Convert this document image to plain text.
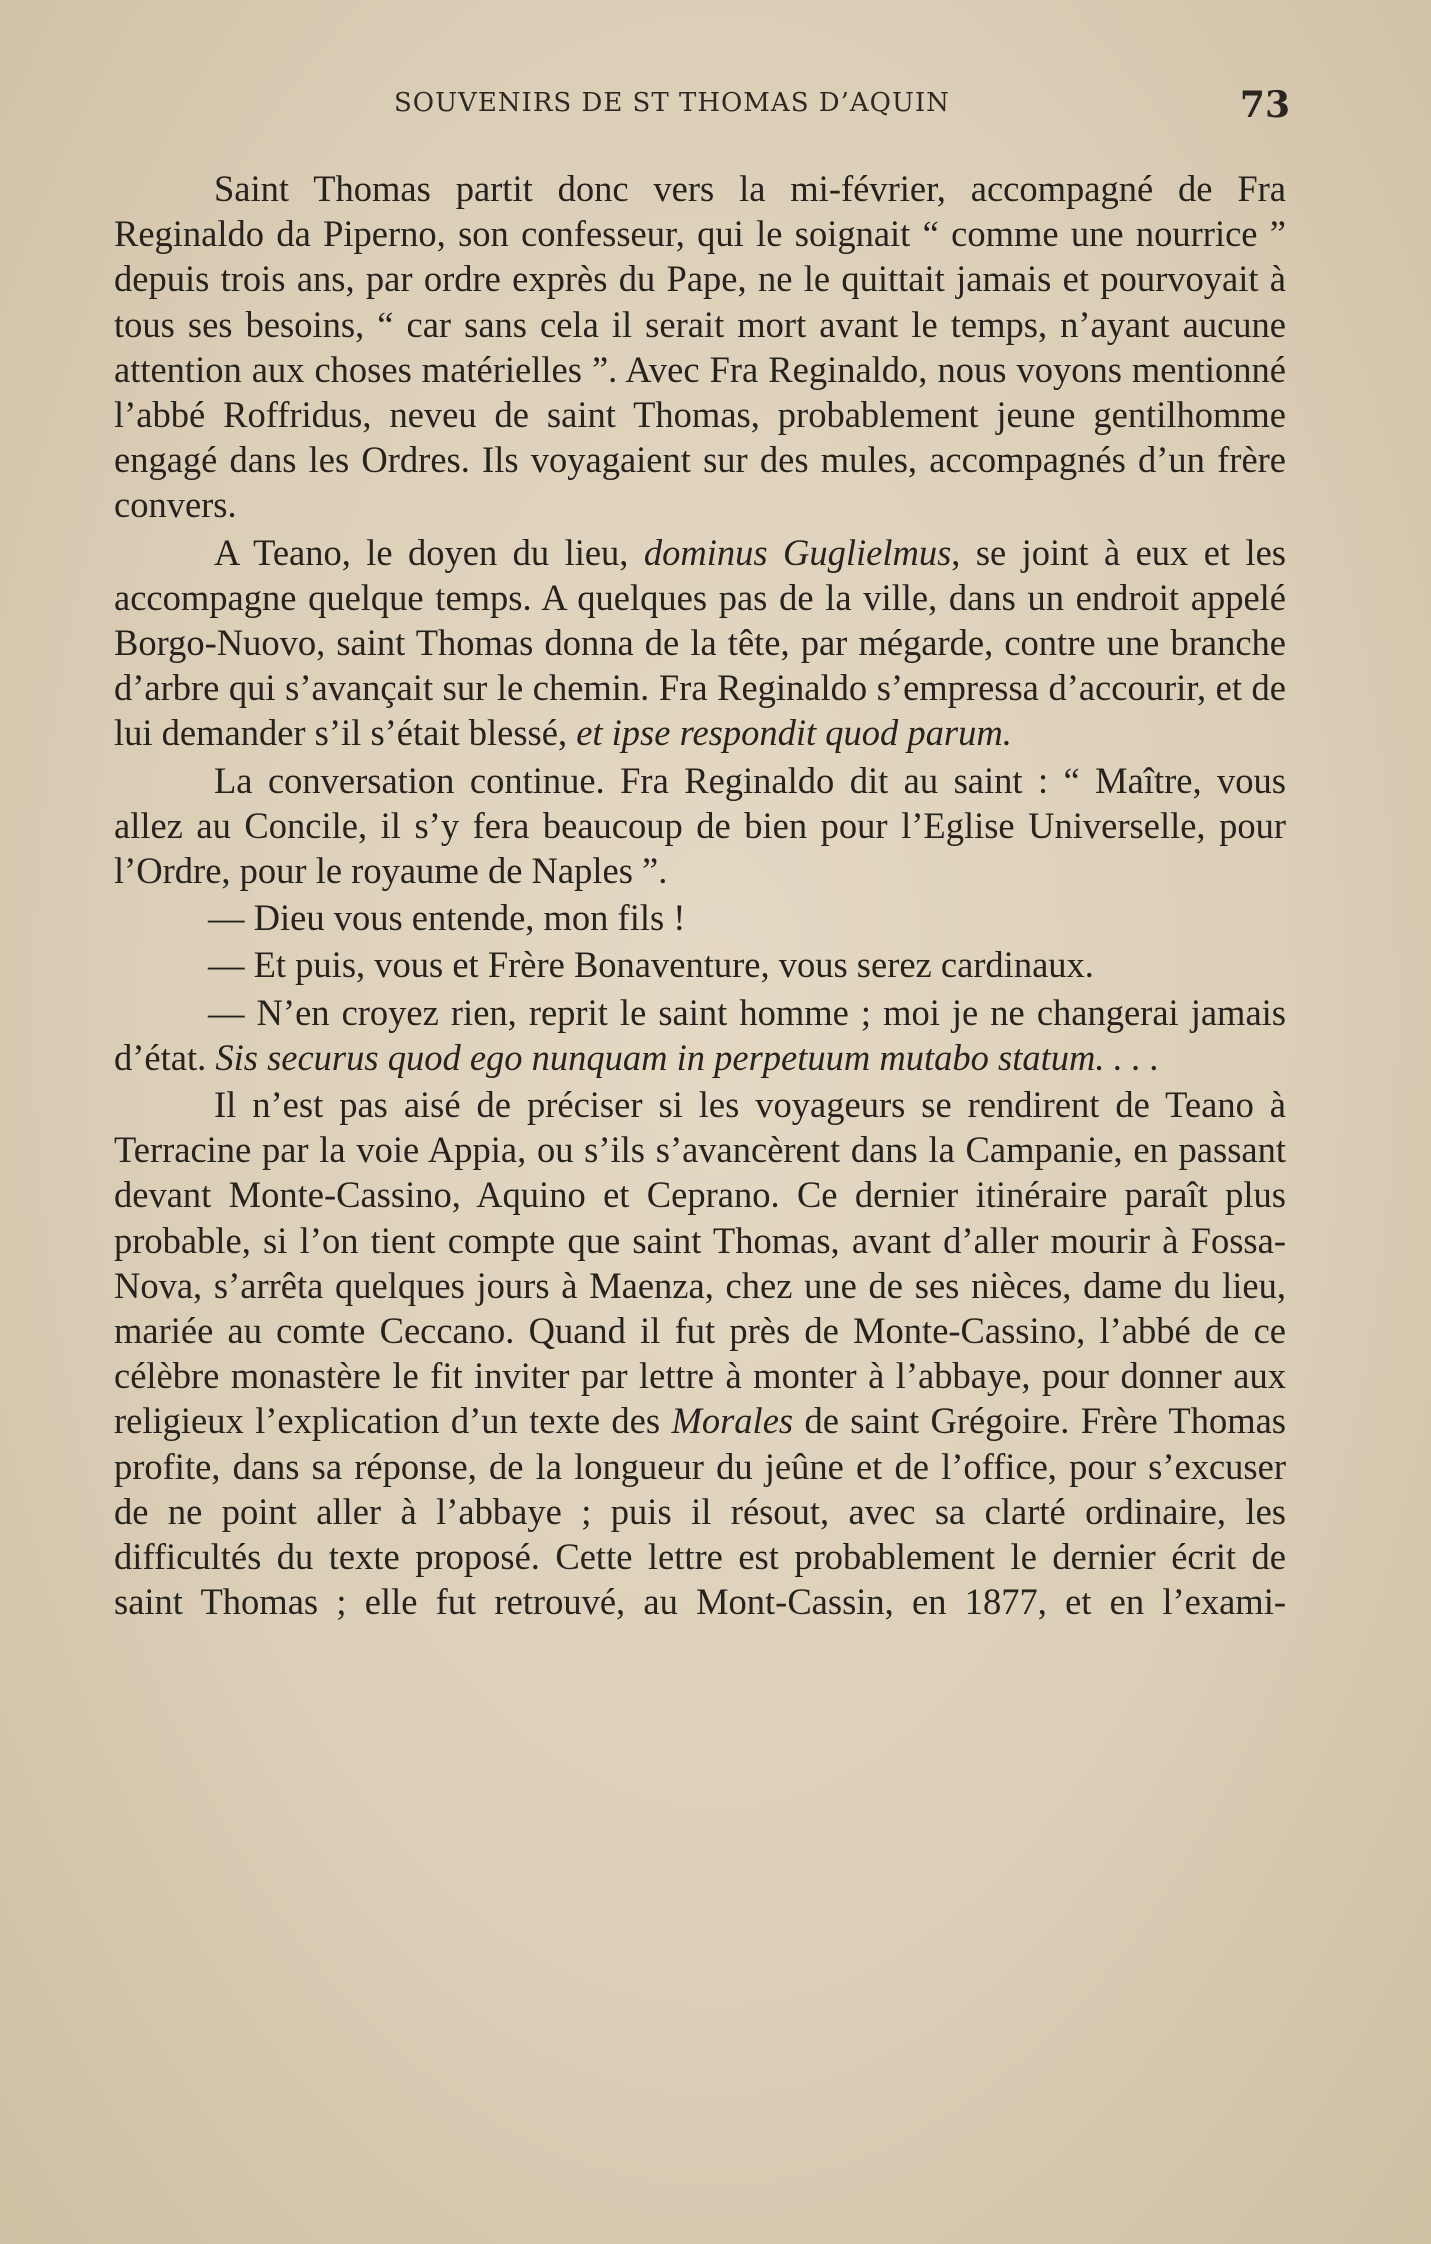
SOUVENIRS DE ST THOMAS D’AQUIN	73

Saint Thomas partit donc vers la mi-février, accompagné de Fra Reginaldo da Piperno, son confesseur, qui le soignait “ comme une nourrice ” depuis trois ans, par ordre exprès du Pape, ne le quittait jamais et pourvoyait à tous ses besoins, “ car sans cela il serait mort avant le temps, n’ayant aucune attention aux choses matérielles ”. Avec Fra Reginaldo, nous voyons mentionné l’abbé Roffridus, neveu de saint Thomas, probablement jeune gentilhomme engagé dans les Ordres. Ils voyagaient sur des mules, accompagnés d’un frère convers.

A Teano, le doyen du lieu, dominus Guglielmus, se joint à eux et les accompagne quelque temps. A quelques pas de la ville, dans un endroit appelé Borgo-Nuovo, saint Thomas donna de la tête, par mégarde, contre une branche d’arbre qui s’avançait sur le chemin. Fra Reginaldo s’empressa d’accourir, et de lui demander s’il s’était blessé, et ipse respondit quod parum.

La conversation continue. Fra Reginaldo dit au saint : “ Maître, vous allez au Concile, il s’y fera beaucoup de bien pour l’Eglise Universelle, pour l’Ordre, pour le royaume de Naples ”.

— Dieu vous entende, mon fils !

— Et puis, vous et Frère Bonaventure, vous serez cardinaux.

— N’en croyez rien, reprit le saint homme ; moi je ne changerai jamais d’état. Sis securus quod ego nunquam in perpetuum mutabo statum. . . .

Il n’est pas aisé de préciser si les voyageurs se rendirent de Teano à Terracine par la voie Appia, ou s’ils s’avancèrent dans la Campanie, en passant devant Monte-Cassino, Aquino et Ceprano. Ce dernier itinéraire paraît plus probable, si l’on tient compte que saint Thomas, avant d’aller mourir à Fossa-Nova, s’arrêta quelques jours à Maenza, chez une de ses nièces, dame du lieu, mariée au comte Ceccano. Quand il fut près de Monte-Cassino, l’abbé de ce célèbre monastère le fit inviter par lettre à monter à l’abbaye, pour donner aux religieux l’explication d’un texte des Morales de saint Grégoire. Frère Thomas profite, dans sa réponse, de la longueur du jeûne et de l’office, pour s’excuser de ne point aller à l’abbaye ; puis il résout, avec sa clarté ordinaire, les difficultés du texte proposé. Cette lettre est probablement le dernier écrit de saint Thomas ; elle fut retrouvé, au Mont-Cassin, en 1877, et en l’exami-
